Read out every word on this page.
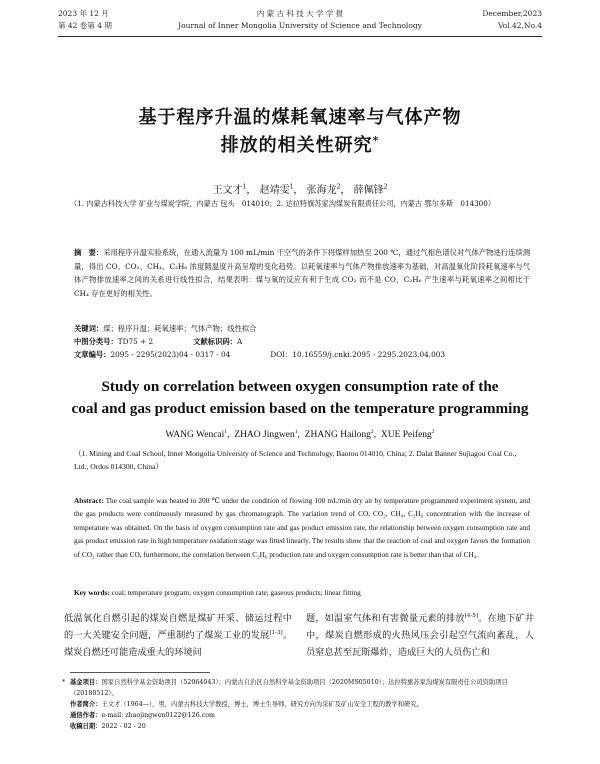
2023 年 12 月
第 42 卷第 4 期
内 蒙 古 科 技 大 学 学 报
Journal of Inner Mongolia University of Science and Technology
December,2023
Vol.42,No.4
基于程序升温的煤耗氧速率与气体产物
排放的相关性研究*
王文才$^1$， 赵靖雯$^1$， 张海龙$^2$， 薛佩锋$^2$
（1. 内蒙古科技大学 矿业与煤炭学院，内蒙古 包头　014010；2. 达拉特旗苏家沟煤炭有限责任公司，内蒙古 鄂尔多斯　014300）
摘　要：采用程序升温实验系统，在通入流量为 100 mL/min 干空气的条件下将煤样加热至 200 ℃，通过气相色谱仪对气体产物进行连续测量，得出 CO、CO₂、CH₄、C₂H₆ 浓度随温度升高呈增的变化趋势。以耗氧速率与气体产物排放速率为基础，对高温氧化阶段耗氧速率与气体产物排放速率之间的关系进行线性拟合，结果表明：煤与氧的反应有利于生成 CO₂ 而不是 CO，C₂H₆ 产生速率与耗氧速率之间相比于 CH₄ 存在更好的相关性。
关键词：煤；程序升温；耗氧速率；气体产物；线性拟合
中图分类号： TD75 + 2	文献标识码： A
文章编号： 2095 - 2295(2023)04 - 0317 - 04	DOI：10.16559/j.cnki.2095 - 2295.2023.04.003
Study on correlation between oxygen consumption rate of the
coal and gas product emission based on the temperature programming
WANG Wencai$^1$,  ZHAO Jingwen$^1$,  ZHANG Hailong$^2$,  XUE Peifeng$^2$
（1. Mining and Coal School, Inner Mongolia University of Science and Technology, Baotou 014010, China; 2. Dalat Banner Sujiagou Coal Co., Ltd., Ordos 014300, China）
Abstract: The coal sample was heated to 200 ℃ under the condition of flowing 100 mL/min dry air by temperature programmed experiment system, and the gas products were continuously measured by gas chromatograph. The variation trend of CO, CO₂, CH₄, C₂H₆ concentration with the increase of temperature was obtained. On the basis of oxygen consumption rate and gas product emission rate, the relationship between oxygen consumption rate and gas product emission rate in high temperature oxidation stage was fitted linearly. The results show that the reaction of coal and oxygen favors the formation of CO₂ rather than CO, furthermore, the correlation between C₂H₆ production rate and oxygen consumption rate is better than that of CH₄.
Key words: coal; temperature program; oxygen consumption rate; gaseous products; linear fitting
低温氧化自燃引起的煤炭自燃是煤矿开采、储运过程中的一大关键安全问题，严重制约了煤炭工业的发展[1-3]。煤炭自燃还可能造成重大的环境问
题，如温室气体和有害微量元素的排放[4-5]。在地下矿井中，煤炭自燃形成的火热风压会引起空气流向紊乱，人员窒息甚至瓦斯爆炸，造成巨大的人员伤亡和
* 基金项目：国家自然科学基金资助项目（52064043）；内蒙古自治区自然科学基金资助项目（2020MS05010）；达拉特旗苏家沟煤炭有限责任公司资助项目（20180512）。

作者简介：王文才（1964—），男，内蒙古科技大学教授，博士，博士生导师，研究方向为采矿及矿山安全工程的教学和研究。

通信作者：e-mail: zhaojingwen0122@126.com

收稿日期：2022 - 02 - 20
